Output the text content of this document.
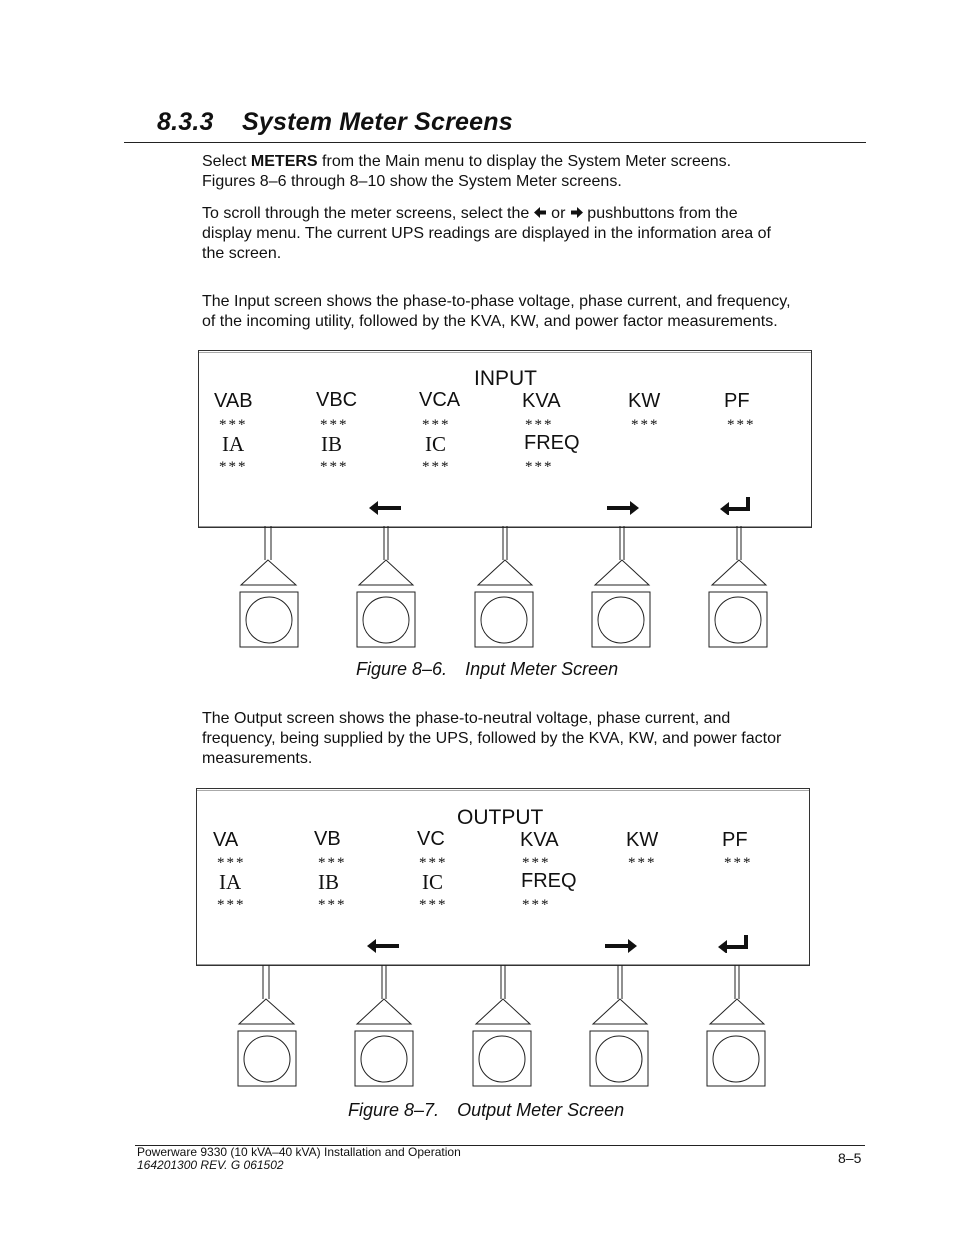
8.3.3 System Meter Screens
Select METERS from the Main menu to display the System Meter screens.
Figures 8–6 through 8–10 show the System Meter screens.
To scroll through the meter screens, select the  or  pushbuttons from the
display menu. The current UPS readings are displayed in the information area of
the screen.
The Input screen shows the phase-to-phase voltage, phase current, and frequency,
of the incoming utility, followed by the KVA, KW, and power factor measurements.
INPUT
VAB	VBC	VCA	KVA	KW	PF
***	***	***	***	***	***
IA	IB	IC	FREQ
***	***	***	***
Figure 8–6. Input Meter Screen
The Output screen shows the phase-to-neutral voltage, phase current, and
frequency, being supplied by the UPS, followed by the KVA, KW, and power factor
measurements.
OUTPUT
VA	VB	VC	KVA	KW	PF
***	***	***	***	***	***
IA	IB	IC	FREQ
***	***	***	***
Figure 8–7. Output Meter Screen
Powerware 9330 (10 kVA–40 kVA) Installation and Operation
164201300 REV. G 061502	8–5
